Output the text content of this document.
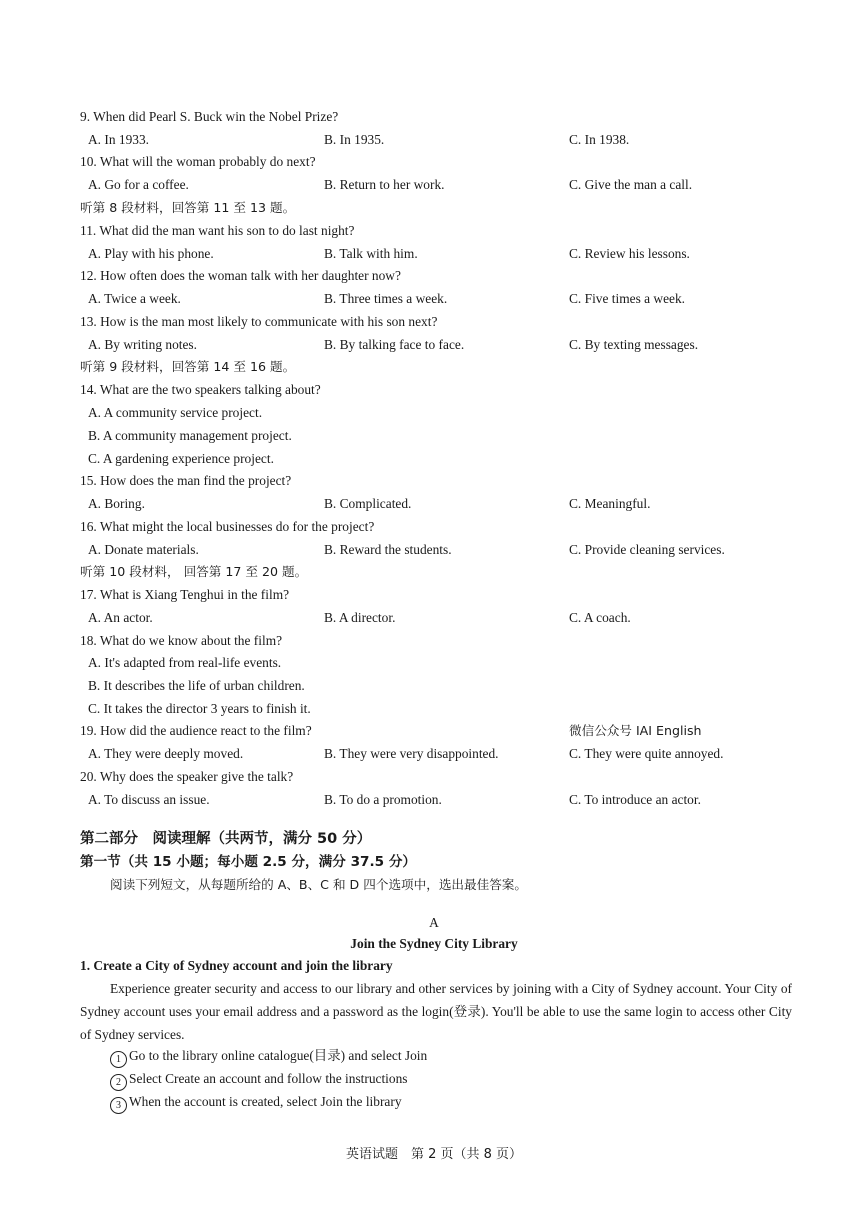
9. When did Pearl S. Buck win the Nobel Prize?
A. In 1933.	B. In 1935.	C. In 1938.
10. What will the woman probably do next?
A. Go for a coffee.	B. Return to her work.	C. Give the man a call.
听第 8 段材料，回答第 11 至 13 题。
11. What did the man want his son to do last night?
A. Play with his phone.	B. Talk with him.	C. Review his lessons.
12. How often does the woman talk with her daughter now?
A. Twice a week.	B. Three times a week.	C. Five times a week.
13. How is the man most likely to communicate with his son next?
A. By writing notes.	B. By talking face to face.	C. By texting messages.
听第 9 段材料，回答第 14 至 16 题。
14. What are the two speakers talking about?
A. A community service project.
B. A community management project.
C. A gardening experience project.
15. How does the man find the project?
A. Boring.	B. Complicated.	C. Meaningful.
16. What might the local businesses do for the project?
A. Donate materials.	B. Reward the students.	C. Provide cleaning services.
听第 10 段材料， 回答第 17 至 20 题。
17. What is Xiang Tenghui in the film?
A. An actor.	B. A director.	C. A coach.
18. What do we know about the film?
A. It's adapted from real-life events.
B. It describes the life of urban children.
C. It takes the director 3 years to finish it.
19. How did the audience react to the film?	微信公众号 IAI English
A. They were deeply moved.	B. They were very disappointed.	C. They were quite annoyed.
20. Why does the speaker give the talk?
A. To discuss an issue.	B. To do a promotion.	C. To introduce an actor.
第二部分　阅读理解（共两节，满分 50 分）
第一节（共 15 小题；每小题 2.5 分，满分 37.5 分）
阅读下列短文，从每题所给的 A、B、C 和 D 四个选项中，选出最佳答案。
A
Join the Sydney City Library
1. Create a City of Sydney account and join the library
Experience greater security and access to our library and other services by joining with a City of Sydney account. Your City of Sydney account uses your email address and a password as the login(登录). You'll be able to use the same login to access other City of Sydney services.
1 Go to the library online catalogue(目录) and select Join
2 Select Create an account and follow the instructions
3 When the account is created, select Join the library
英语试题　第 2 页（共 8 页）
